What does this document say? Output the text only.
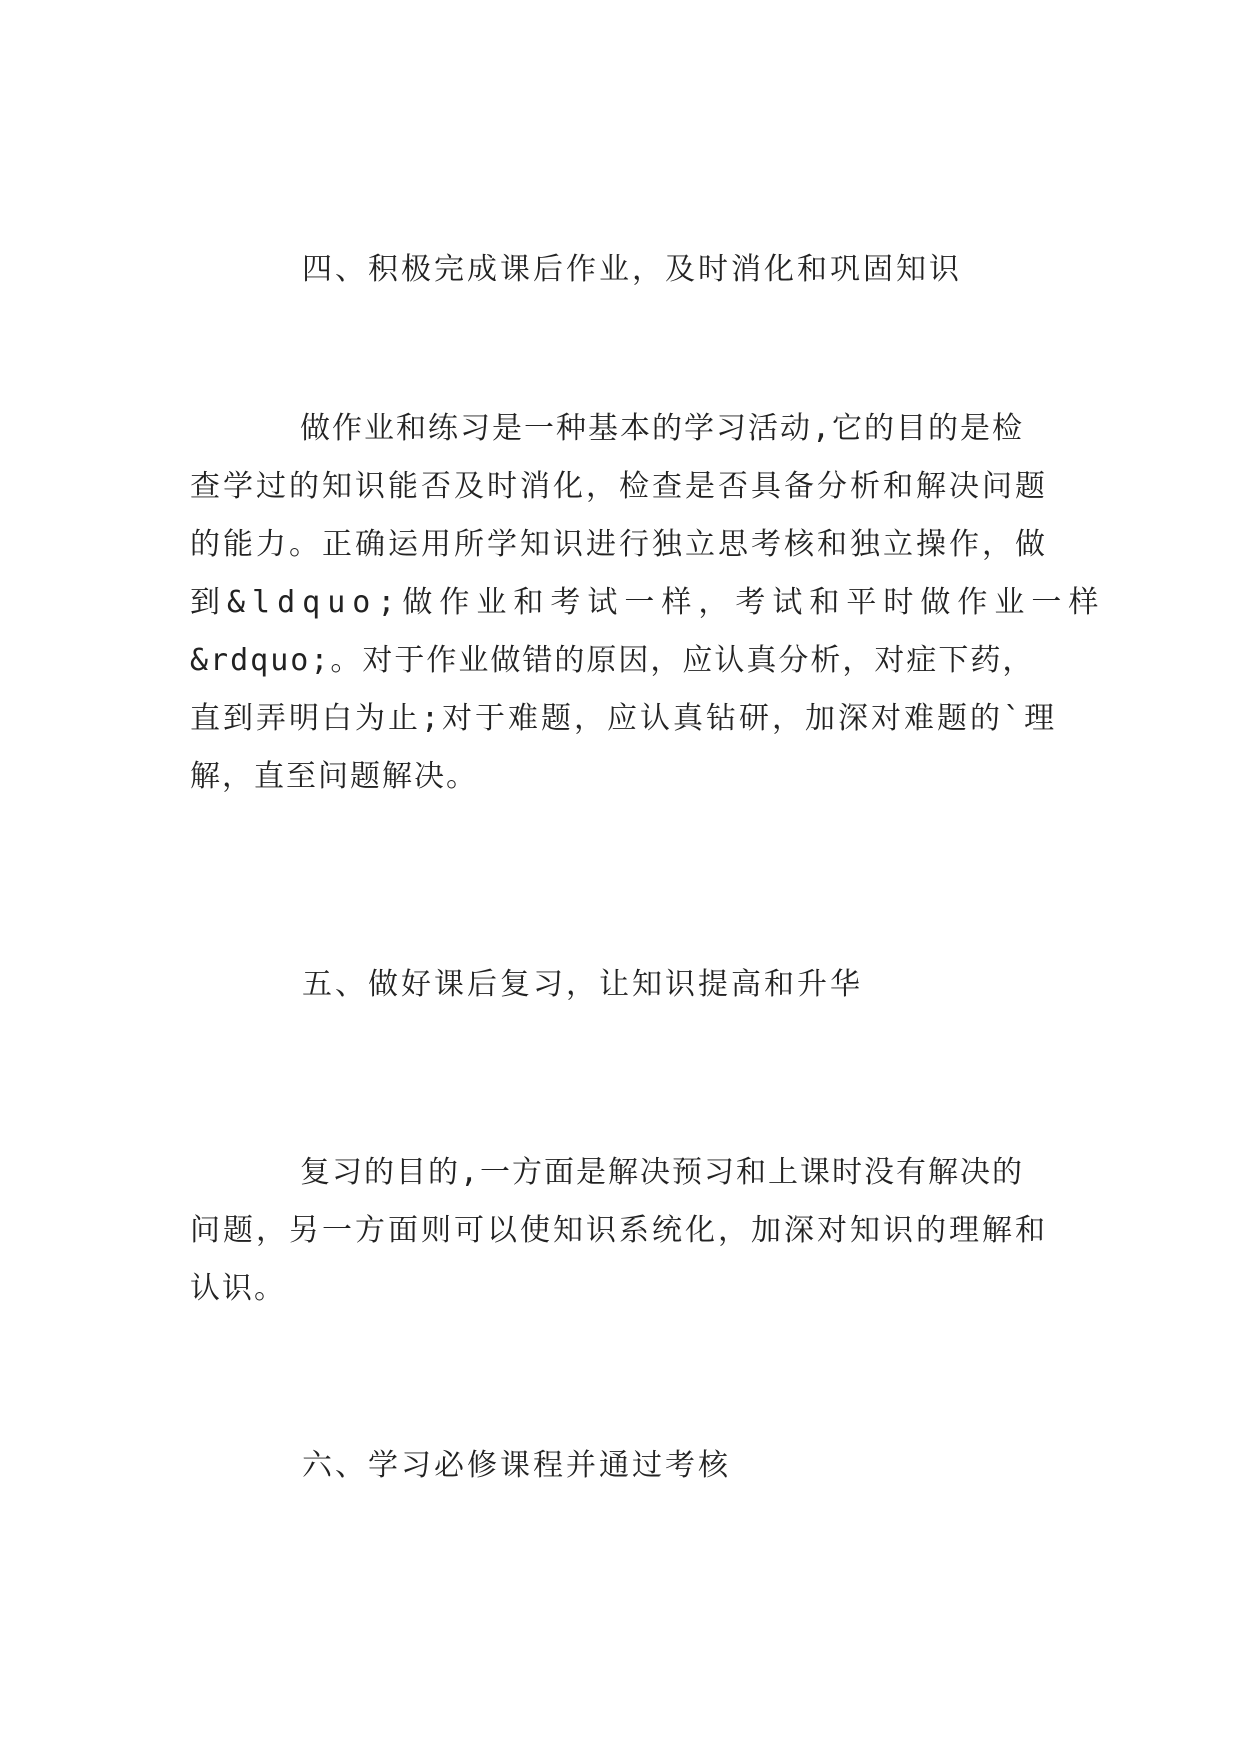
四、积极完成课后作业，及时消化和巩固知识
做作业和练习是一种基本的学习活动,它的目的是检
查学过的知识能否及时消化，检查是否具备分析和解决问题
的能力。正确运用所学知识进行独立思考核和独立操作，做
到&ldquo;做作业和考试一样，考试和平时做作业一样
&rdquo;。对于作业做错的原因，应认真分析，对症下药，
直到弄明白为止;对于难题，应认真钻研，加深对难题的`理
解，直至问题解决。
五、做好课后复习，让知识提高和升华
复习的目的,一方面是解决预习和上课时没有解决的
问题，另一方面则可以使知识系统化，加深对知识的理解和
认识。
六、学习必修课程并通过考核
